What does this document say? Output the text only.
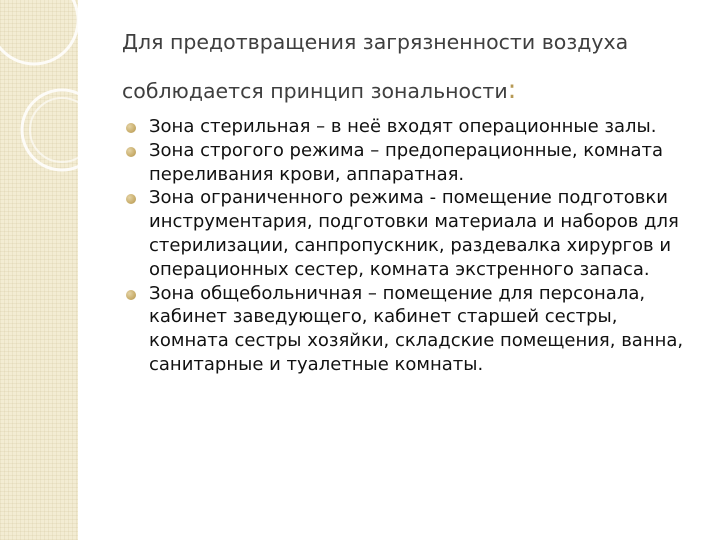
Для предотвращения загрязненности воздуха
соблюдается принцип зональности:
Зона стерильная – в неё входят операционные залы.
Зона строгого режима – предоперационные, комната переливания крови, аппаратная.
Зона ограниченного режима - помещение подготовки инструментария, подготовки материала и наборов для стерилизации, санпропускник, раздевалка хирургов и операционных сестер, комната экстренного запаса.
Зона общебольничная – помещение для персонала, кабинет заведующего, кабинет старшей сестры, комната сестры хозяйки, складские помещения, ванна, санитарные и туалетные комнаты.
